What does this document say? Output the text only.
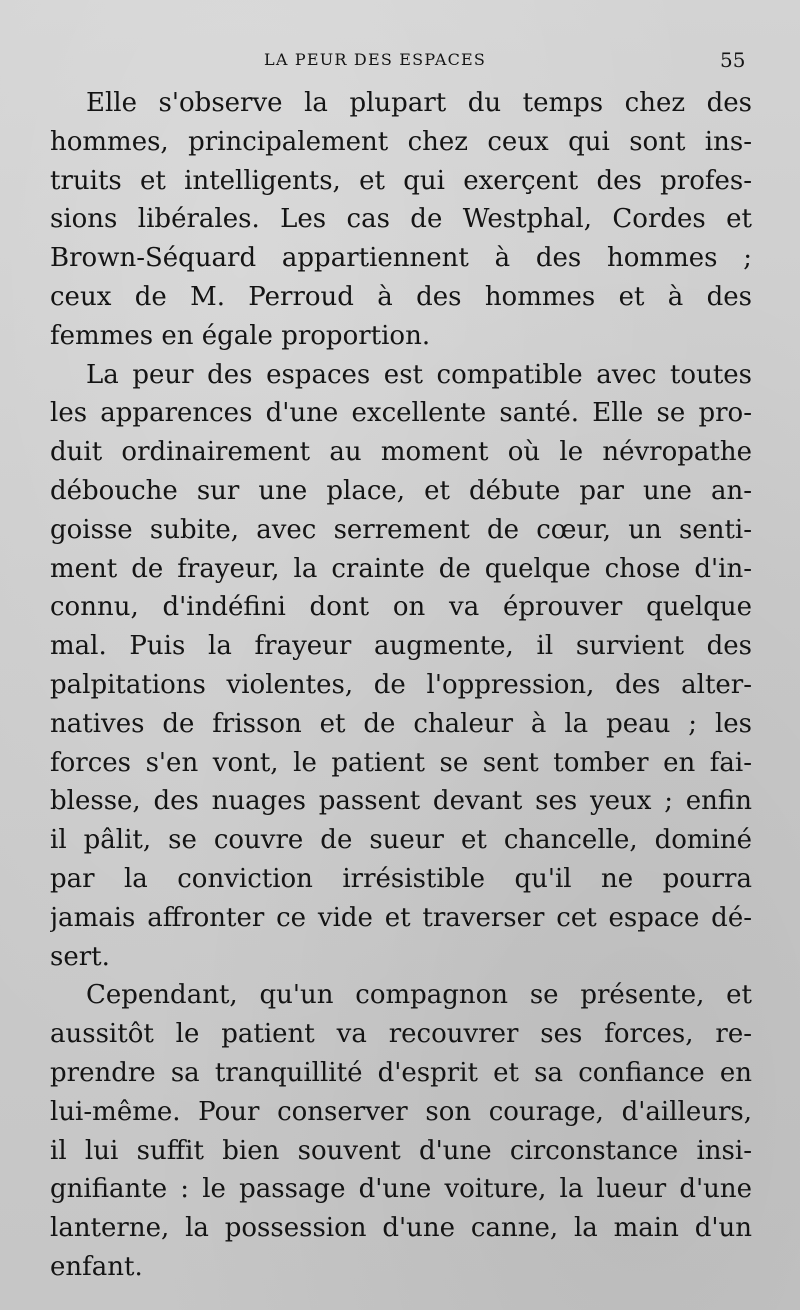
LA PEUR DES ESPACES	55
Elle s'observe la plupart du temps chez des
hommes, principalement chez ceux qui sont ins-
truits et intelligents, et qui exerçent des profes-
sions libérales. Les cas de Westphal, Cordes et
Brown-Séquard appartiennent à des hommes ;
ceux de M. Perroud à des hommes et à des
femmes en égale proportion.
La peur des espaces est compatible avec toutes
les apparences d'une excellente santé. Elle se pro-
duit ordinairement au moment où le névropathe
débouche sur une place, et débute par une an-
goisse subite, avec serrement de cœur, un senti-
ment de frayeur, la crainte de quelque chose d'in-
connu, d'indéfini dont on va éprouver quelque
mal. Puis la frayeur augmente, il survient des
palpitations violentes, de l'oppression, des alter-
natives de frisson et de chaleur à la peau ; les
forces s'en vont, le patient se sent tomber en fai-
blesse, des nuages passent devant ses yeux ; enfin
il pâlit, se couvre de sueur et chancelle, dominé
par la conviction irrésistible qu'il ne pourra
jamais affronter ce vide et traverser cet espace dé-
sert.
Cependant, qu'un compagnon se présente, et
aussitôt le patient va recouvrer ses forces, re-
prendre sa tranquillité d'esprit et sa confiance en
lui-même. Pour conserver son courage, d'ailleurs,
il lui suffit bien souvent d'une circonstance insi-
gnifiante : le passage d'une voiture, la lueur d'une
lanterne, la possession d'une canne, la main d'un
enfant.
